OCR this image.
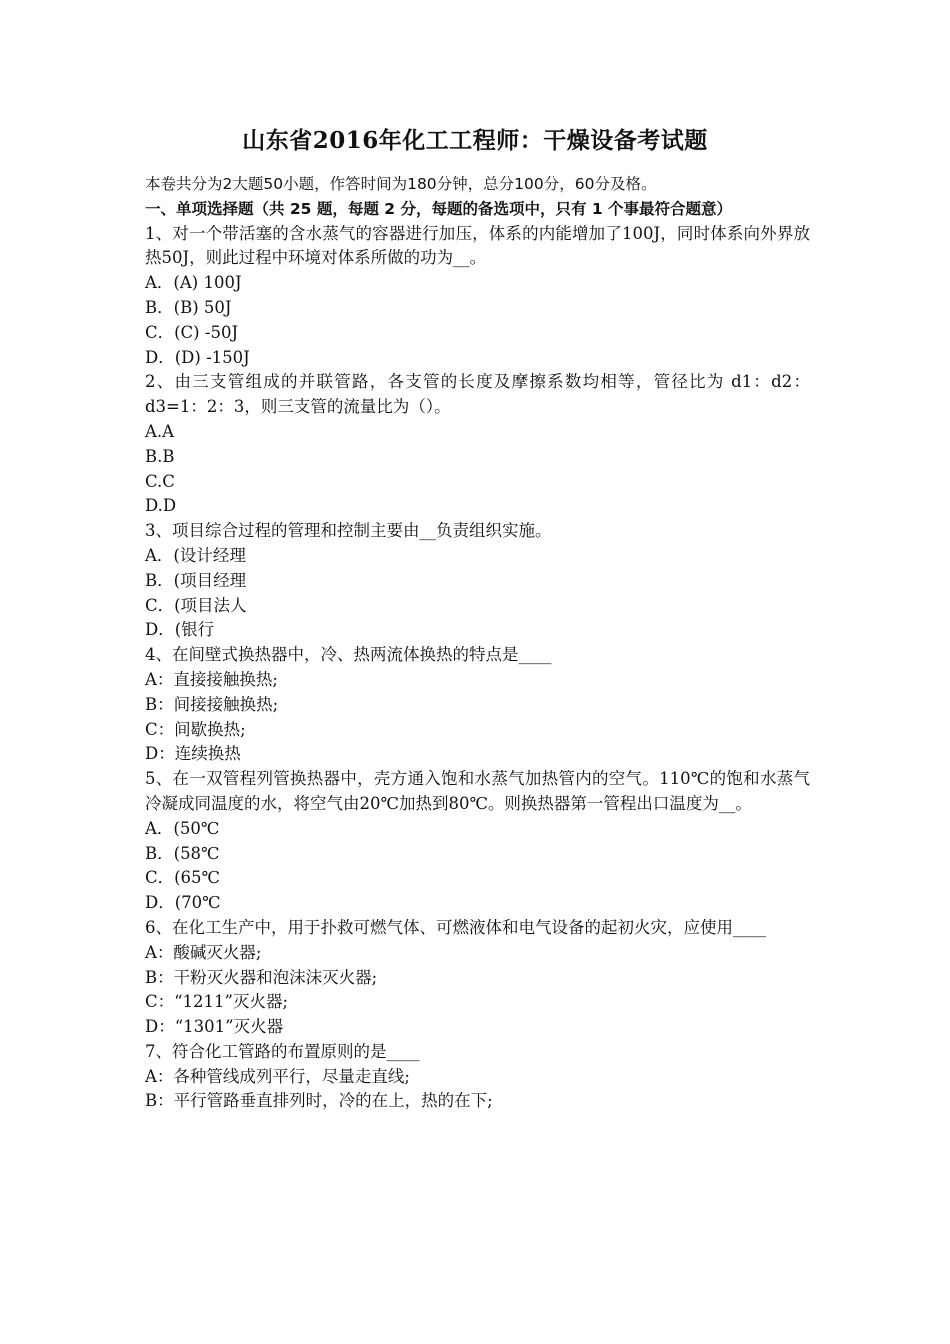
山东省2016年化工工程师：干燥设备考试题

本卷共分为2大题50小题，作答时间为180分钟，总分100分，60分及格。

一、单项选择题（共 25 题，每题 2 分，每题的备选项中，只有 1 个事最符合题意）

1、对一个带活塞的含水蒸气的容器进行加压，体系的内能增加了100J，同时体系向外界放热50J，则此过程中环境对体系所做的功为__。

A．(A) 100J

B．(B) 50J

C．(C) -50J

D．(D) -150J

2、由三支管组成的并联管路，各支管的长度及摩擦系数均相等，管径比为 d1：d2：d3=1：2：3，则三支管的流量比为（）。

A.A

B.B

C.C

D.D

3、项目综合过程的管理和控制主要由__负责组织实施。

A．(设计经理

B．(项目经理

C．(项目法人

D．(银行

4、在间壁式换热器中，冷、热两流体换热的特点是____

A：直接接触换热;

B：间接接触换热;

C：间歇换热;

D：连续换热

5、在一双管程列管换热器中，壳方通入饱和水蒸气加热管内的空气。110℃的饱和水蒸气冷凝成同温度的水，将空气由20℃加热到80℃。则换热器第一管程出口温度为__。

A．(50℃

B．(58℃

C．(65℃

D．(70℃

6、在化工生产中，用于扑救可燃气体、可燃液体和电气设备的起初火灾，应使用____

A：酸碱灭火器;

B：干粉灭火器和泡沫沫灭火器;

C：“1211”灭火器;

D：“1301”灭火器

7、符合化工管路的布置原则的是____

A：各种管线成列平行，尽量走直线;

B：平行管路垂直排列时，冷的在上，热的在下;
